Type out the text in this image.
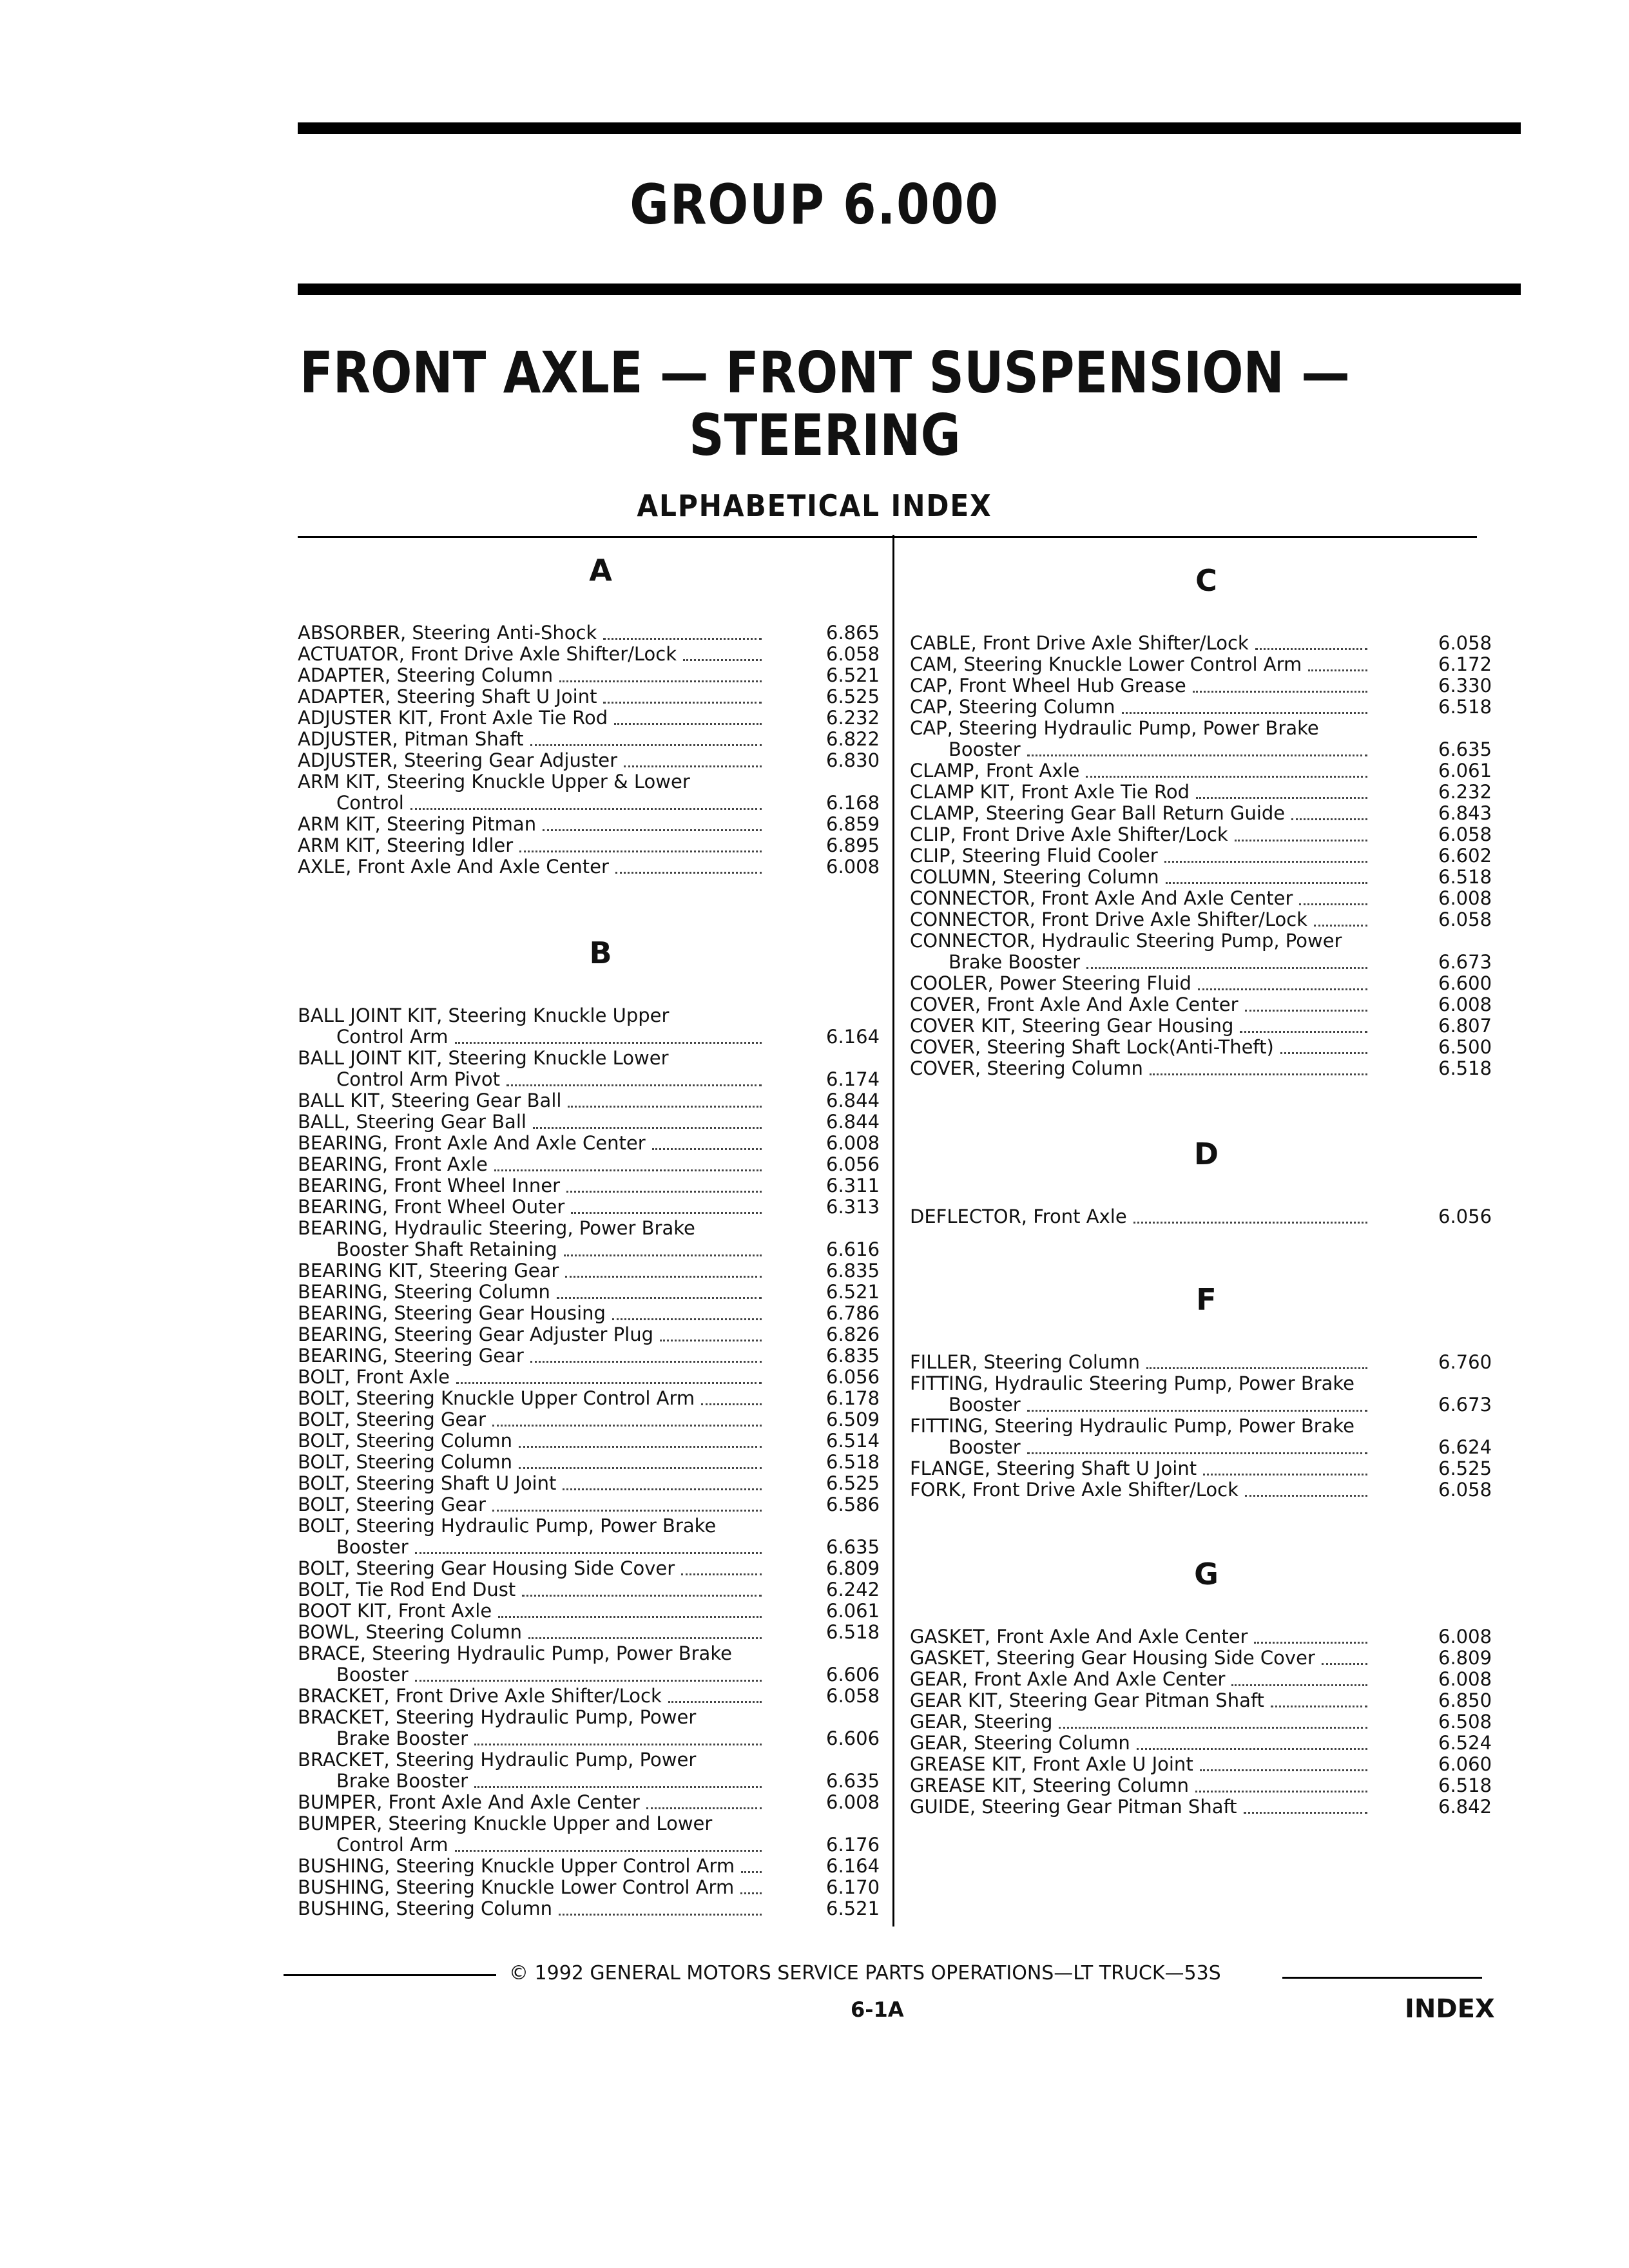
GROUP 6.000
FRONT AXLE — FRONT SUSPENSION —
STEERING
ALPHABETICAL INDEX
A
ABSORBER, Steering Anti-Shock	6.865
ACTUATOR, Front Drive Axle Shifter/Lock	6.058
ADAPTER, Steering Column	6.521
ADAPTER, Steering Shaft U Joint	6.525
ADJUSTER KIT, Front Axle Tie Rod	6.232
ADJUSTER, Pitman Shaft	6.822
ADJUSTER, Steering Gear Adjuster	6.830
ARM KIT, Steering Knuckle Upper & Lower
Control	6.168
ARM KIT, Steering Pitman	6.859
ARM KIT, Steering Idler	6.895
AXLE, Front Axle And Axle Center	6.008
B
BALL JOINT KIT, Steering Knuckle Upper
Control Arm	6.164
BALL JOINT KIT, Steering Knuckle Lower
Control Arm Pivot	6.174
BALL KIT, Steering Gear Ball	6.844
BALL, Steering Gear Ball	6.844
BEARING, Front Axle And Axle Center	6.008
BEARING, Front Axle	6.056
BEARING, Front Wheel Inner	6.311
BEARING, Front Wheel Outer	6.313
BEARING, Hydraulic Steering, Power Brake
Booster Shaft Retaining	6.616
BEARING KIT, Steering Gear	6.835
BEARING, Steering Column	6.521
BEARING, Steering Gear Housing	6.786
BEARING, Steering Gear Adjuster Plug	6.826
BEARING, Steering Gear	6.835
BOLT, Front Axle	6.056
BOLT, Steering Knuckle Upper Control Arm	6.178
BOLT, Steering Gear	6.509
BOLT, Steering Column	6.514
BOLT, Steering Column	6.518
BOLT, Steering Shaft U Joint	6.525
BOLT, Steering Gear	6.586
BOLT, Steering Hydraulic Pump, Power Brake
Booster	6.635
BOLT, Steering Gear Housing Side Cover	6.809
BOLT, Tie Rod End Dust	6.242
BOOT KIT, Front Axle	6.061
BOWL, Steering Column	6.518
BRACE, Steering Hydraulic Pump, Power Brake
Booster	6.606
BRACKET, Front Drive Axle Shifter/Lock	6.058
BRACKET, Steering Hydraulic Pump, Power
Brake Booster	6.606
BRACKET, Steering Hydraulic Pump, Power
Brake Booster	6.635
BUMPER, Front Axle And Axle Center	6.008
BUMPER, Steering Knuckle Upper and Lower
Control Arm	6.176
BUSHING, Steering Knuckle Upper Control Arm	6.164
BUSHING, Steering Knuckle Lower Control Arm	6.170
BUSHING, Steering Column	6.521
C
CABLE, Front Drive Axle Shifter/Lock	6.058
CAM, Steering Knuckle Lower Control Arm	6.172
CAP, Front Wheel Hub Grease	6.330
CAP, Steering Column	6.518
CAP, Steering Hydraulic Pump, Power Brake
Booster	6.635
CLAMP, Front Axle	6.061
CLAMP KIT, Front Axle Tie Rod	6.232
CLAMP, Steering Gear Ball Return Guide	6.843
CLIP, Front Drive Axle Shifter/Lock	6.058
CLIP, Steering Fluid Cooler	6.602
COLUMN, Steering Column	6.518
CONNECTOR, Front Axle And Axle Center	6.008
CONNECTOR, Front Drive Axle Shifter/Lock	6.058
CONNECTOR, Hydraulic Steering Pump, Power
Brake Booster	6.673
COOLER, Power Steering Fluid	6.600
COVER, Front Axle And Axle Center	6.008
COVER KIT, Steering Gear Housing	6.807
COVER, Steering Shaft Lock(Anti-Theft)	6.500
COVER, Steering Column	6.518
D
DEFLECTOR, Front Axle	6.056
F
FILLER, Steering Column	6.760
FITTING, Hydraulic Steering Pump, Power Brake
Booster	6.673
FITTING, Steering Hydraulic Pump, Power Brake
Booster	6.624
FLANGE, Steering Shaft U Joint	6.525
FORK, Front Drive Axle Shifter/Lock	6.058
G
GASKET, Front Axle And Axle Center	6.008
GASKET, Steering Gear Housing Side Cover	6.809
GEAR, Front Axle And Axle Center	6.008
GEAR KIT, Steering Gear Pitman Shaft	6.850
GEAR, Steering	6.508
GEAR, Steering Column	6.524
GREASE KIT, Front Axle U Joint	6.060
GREASE KIT, Steering Column	6.518
GUIDE, Steering Gear Pitman Shaft	6.842
© 1992 GENERAL MOTORS SERVICE PARTS OPERATIONS—LT TRUCK—53S
6-1A	INDEX
